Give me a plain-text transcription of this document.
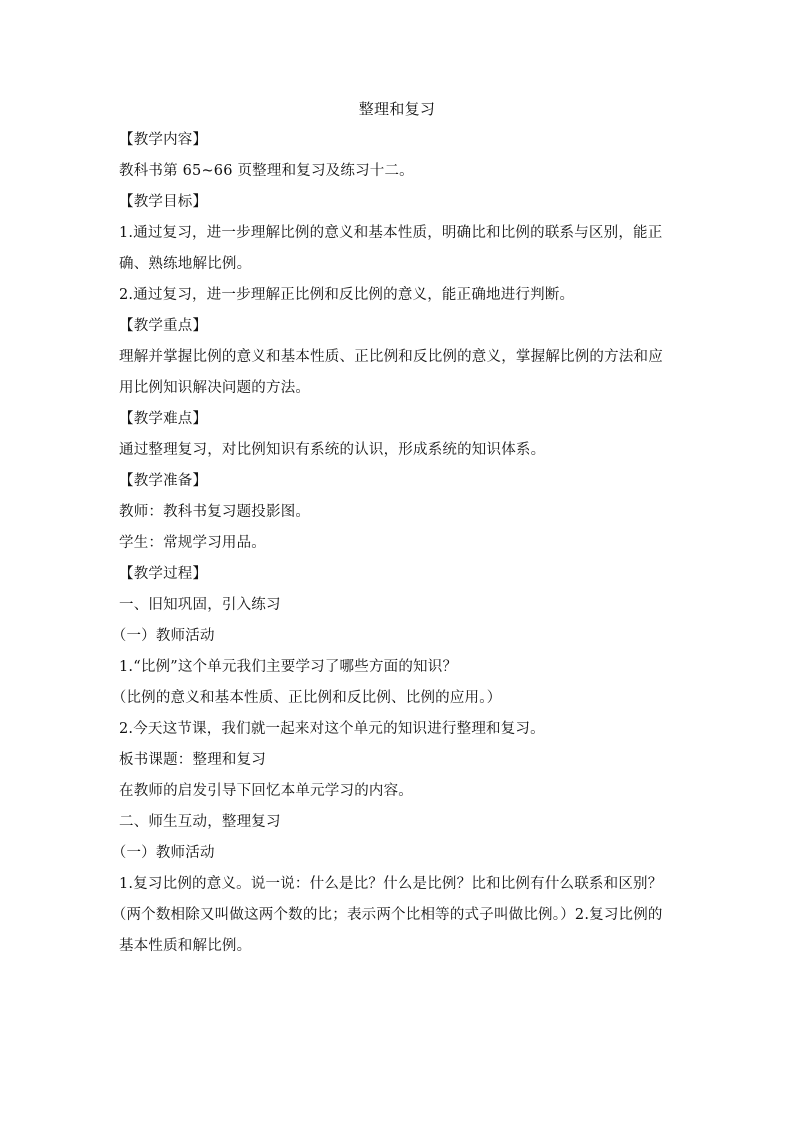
整理和复习

【教学内容】

教科书第 65~66 页整理和复习及练习十二。

【教学目标】

1.通过复习，进一步理解比例的意义和基本性质，明确比和比例的联系与区别，能正确、熟练地解比例。

2.通过复习，进一步理解正比例和反比例的意义，能正确地进行判断。

【教学重点】

理解并掌握比例的意义和基本性质、正比例和反比例的意义，掌握解比例的方法和应用比例知识解决问题的方法。

【教学难点】

通过整理复习，对比例知识有系统的认识，形成系统的知识体系。

【教学准备】

教师：教科书复习题投影图。

学生：常规学习用品。

【教学过程】

一、旧知巩固，引入练习

（一）教师活动

1.“比例”这个单元我们主要学习了哪些方面的知识？

（比例的意义和基本性质、正比例和反比例、比例的应用。）

2.今天这节课，我们就一起来对这个单元的知识进行整理和复习。

板书课题：整理和复习

在教师的启发引导下回忆本单元学习的内容。

二、师生互动，整理复习

（一）教师活动

1.复习比例的意义。说一说：什么是比？什么是比例？比和比例有什么联系和区别？

（两个数相除又叫做这两个数的比；表示两个比相等的式子叫做比例。）2.复习比例的基本性质和解比例。
